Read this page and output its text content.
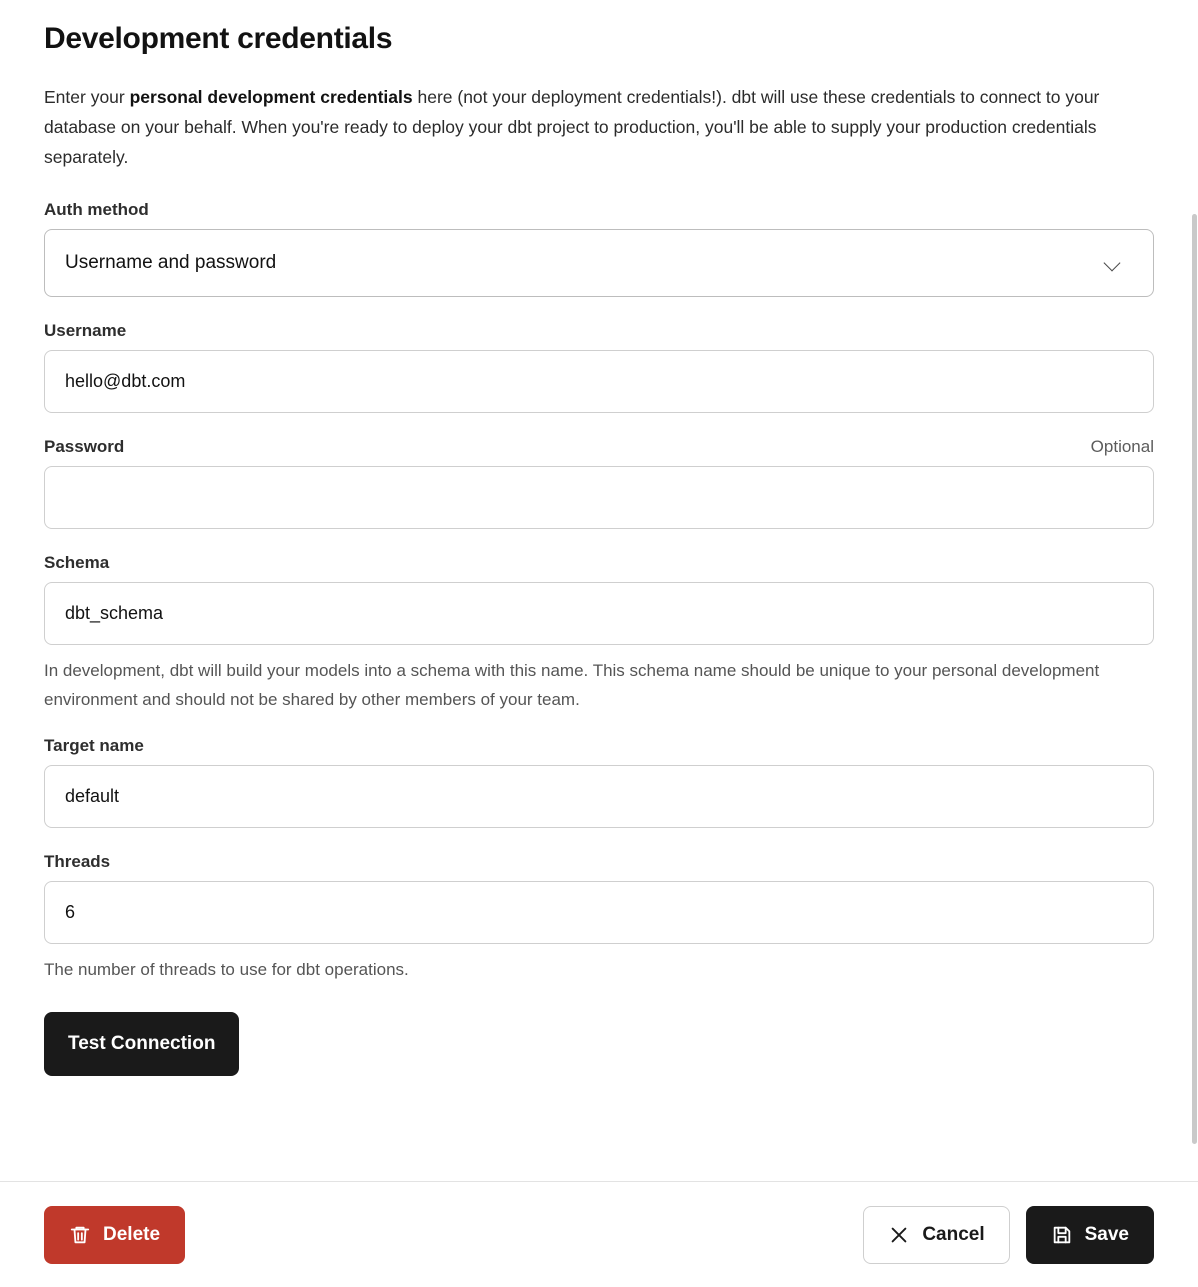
Development credentials

Enter your personal development credentials here (not your deployment credentials!). dbt will use these credentials to connect to your database on your behalf. When you're ready to deploy your dbt project to production, you'll be able to supply your production credentials separately.

Auth method
Username and password
Username
hello@dbt.com
Password	Optional
Schema
dbt_schema

In development, dbt will build your models into a schema with this name. This schema name should be unique to your personal development environment and should not be shared by other members of your team.

Target name
default
Threads
6

The number of threads to use for dbt operations.

Test Connection
Delete	Cancel	Save
